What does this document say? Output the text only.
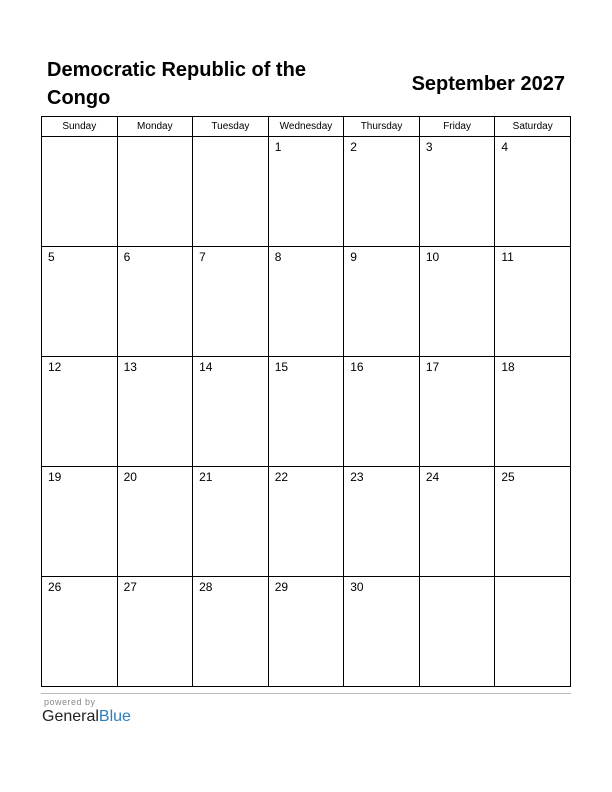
Democratic Republic of the Congo
September 2027
Sunday	Monday	Tuesday	Wednesday	Thursday	Friday	Saturday

			1	2	3	4

5	6	7	8	9	10	11

12	13	14	15	16	17	18

19	20	21	22	23	24	25

26	27	28	29	30		

powered by
GeneralBlue
